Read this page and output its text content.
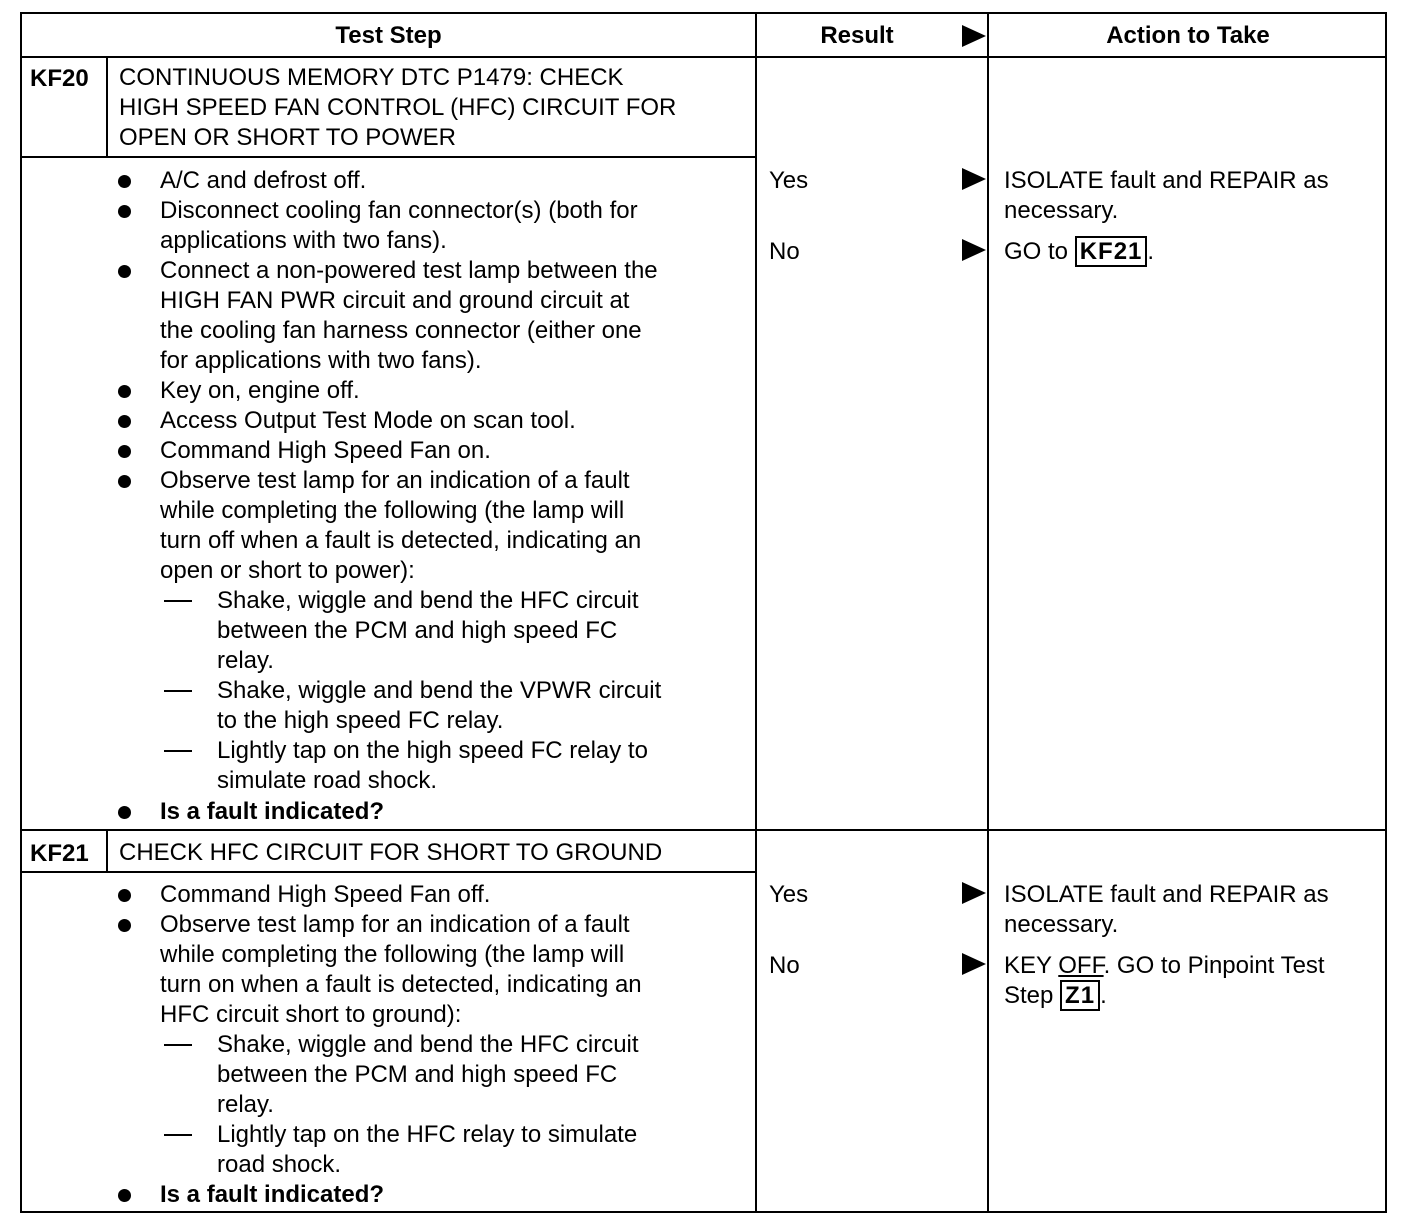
Test Step	Result	Action to Take
KF20 CONTINUOUS MEMORY DTC P1479: CHECK
HIGH SPEED FAN CONTROL (HFC) CIRCUIT FOR
OPEN OR SHORT TO POWER
A/C and defrost off.
Disconnect cooling fan connector(s) (both for
applications with two fans).
Connect a non-powered test lamp between the
HIGH FAN PWR circuit and ground circuit at
the cooling fan harness connector (either one
for applications with two fans).
Key on, engine off.
Access Output Test Mode on scan tool.
Command High Speed Fan on.
Observe test lamp for an indication of a fault
while completing the following (the lamp will
turn off when a fault is detected, indicating an
open or short to power):
Shake, wiggle and bend the HFC circuit
between the PCM and high speed FC
relay.
Shake, wiggle and bend the VPWR circuit
to the high speed FC relay.
Lightly tap on the high speed FC relay to
simulate road shock.
Is a fault indicated?
Yes
No
ISOLATE fault and REPAIR as
necessary.
GO to KF21 .
KF21 CHECK HFC CIRCUIT FOR SHORT TO GROUND
Command High Speed Fan off.
Observe test lamp for an indication of a fault
while completing the following (the lamp will
turn on when a fault is detected, indicating an
HFC circuit short to ground):
Shake, wiggle and bend the HFC circuit
between the PCM and high speed FC
relay.
Lightly tap on the HFC relay to simulate
road shock.
Is a fault indicated?
Yes
No
ISOLATE fault and REPAIR as
necessary.
KEY OFF. GO to Pinpoint Test
Step Z1 .
